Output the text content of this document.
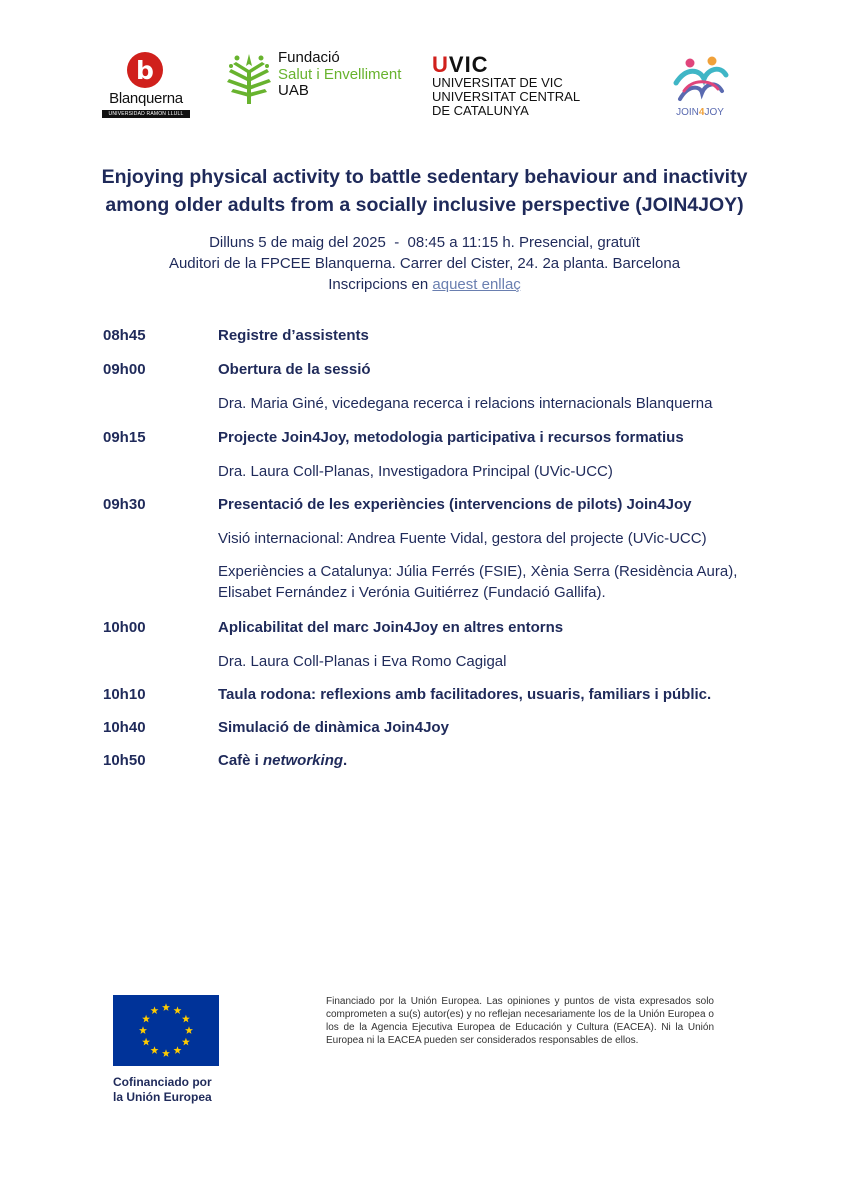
b
Blanquerna
UNIVERSIDAD RAMON LLULL
Fundació
Salut i Envelliment
UAB
UVIC
UNIVERSITAT DE VIC
UNIVERSITAT CENTRAL
DE CATALUNYA	JOIN4JOY
Enjoying physical activity to battle sedentary behaviour and inactivity
among older adults from a socially inclusive perspective (JOIN4JOY)
Dilluns 5 de maig del 2025  -  08:45 a 11:15 h. Presencial, gratuït
Auditori de la FPCEE Blanquerna. Carrer del Cister, 24. 2a planta. Barcelona
Inscripcions en aquest enllaç
08h45	Registre d’assistents
09h00	Obertura de la sessió
Dra. Maria Giné, vicedegana recerca i relacions internacionals Blanquerna
09h15	Projecte Join4Joy, metodologia participativa i recursos formatius
Dra. Laura Coll-Planas, Investigadora Principal (UVic-UCC)
09h30	Presentació de les experiències (intervencions de pilots) Join4Joy
Visió internacional: Andrea Fuente Vidal, gestora del projecte (UVic-UCC)
Experiències a Catalunya: Júlia Ferrés (FSIE), Xènia Serra (Residència Aura),
Elisabet Fernández i Verónia Guitiérrez (Fundació Gallifa).
10h00	Aplicabilitat del marc Join4Joy en altres entorns
Dra. Laura Coll-Planas i Eva Romo Cagigal
10h10	Taula rodona: reflexions amb facilitadores, usuaris, familiars i públic.
10h40	Simulació de dinàmica Join4Joy
10h50	Cafè i networking.
Cofinanciado por
la Unión Europea
Financiado por la Unión Europea. Las opiniones y puntos de vista expresados solo comprometen a su(s) autor(es) y no reflejan necesariamente los de la Unión Europea o los de la Agencia Ejecutiva Europea de Educación y Cultura (EACEA). Ni la Unión Europea ni la EACEA pueden ser considerados responsables de ellos.
